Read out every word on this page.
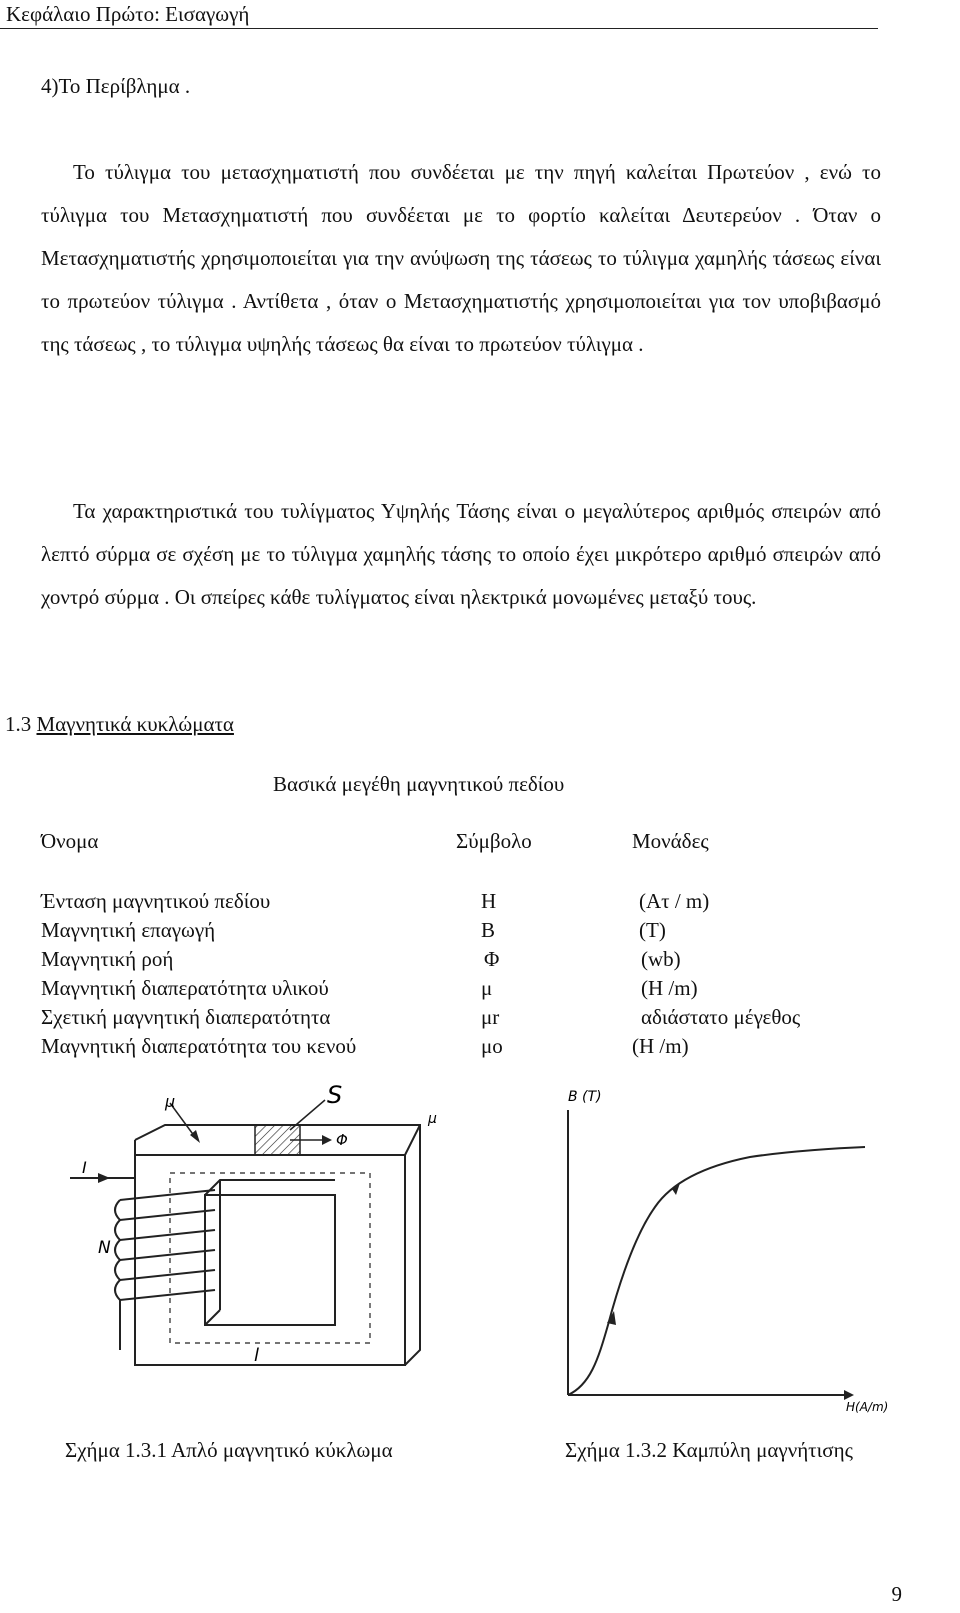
Κεφάλαιο Πρώτο: Εισαγωγή
4)Το Περίβλημα .

Το τύλιγμα του μετασχηματιστή που συνδέεται με την πηγή καλείται Πρωτεύον , ενώ το τύλιγμα του Μετασχηματιστή που συνδέεται με το φορτίο καλείται Δευτερεύον . Όταν ο Μετασχηματιστής χρησιμοποιείται για την ανύψωση της τάσεως το τύλιγμα χαμηλής τάσεως είναι το πρωτεύον τύλιγμα . Αντίθετα , όταν ο Μετασχηματιστής χρησιμοποιείται για τον υποβιβασμό της τάσεως , το τύλιγμα υψηλής τάσεως θα είναι το πρωτεύον τύλιγμα .

Τα χαρακτηριστικά του τυλίγματος Υψηλής Τάσης είναι ο μεγαλύτερος αριθμός σπειρών από λεπτό σύρμα σε σχέση με το τύλιγμα χαμηλής τάσης το οποίο έχει μικρότερο αριθμό σπειρών από χοντρό σύρμα . Οι σπείρες κάθε τυλίγματος είναι ηλεκτρικά μονωμένες μεταξύ τους.

1.3 Μαγνητικά κυκλώματα
Βασικά μεγέθη μαγνητικού πεδίου
Όνομα	Σύμβολο	Μονάδες
Ένταση μαγνητικού πεδίου	Η	(Ατ / m)
Μαγνητική επαγωγή	Β	(Τ)
Μαγνητική ροή	Φ	(wb)
Μαγνητική διαπερατότητα υλικού	μ	(Η /m)
Σχετική μαγνητική διαπερατότητα	μr	αδιάστατο μέγεθος
Μαγνητική διαπερατότητα του κενού	μo	(Η /m)
μ	S
μ
Φ
I
N
l
B (T)
H(A/m)
Σχήμα 1.3.1 Απλό μαγνητικό κύκλωμα	Σχήμα 1.3.2 Καμπύλη μαγνήτισης
9
